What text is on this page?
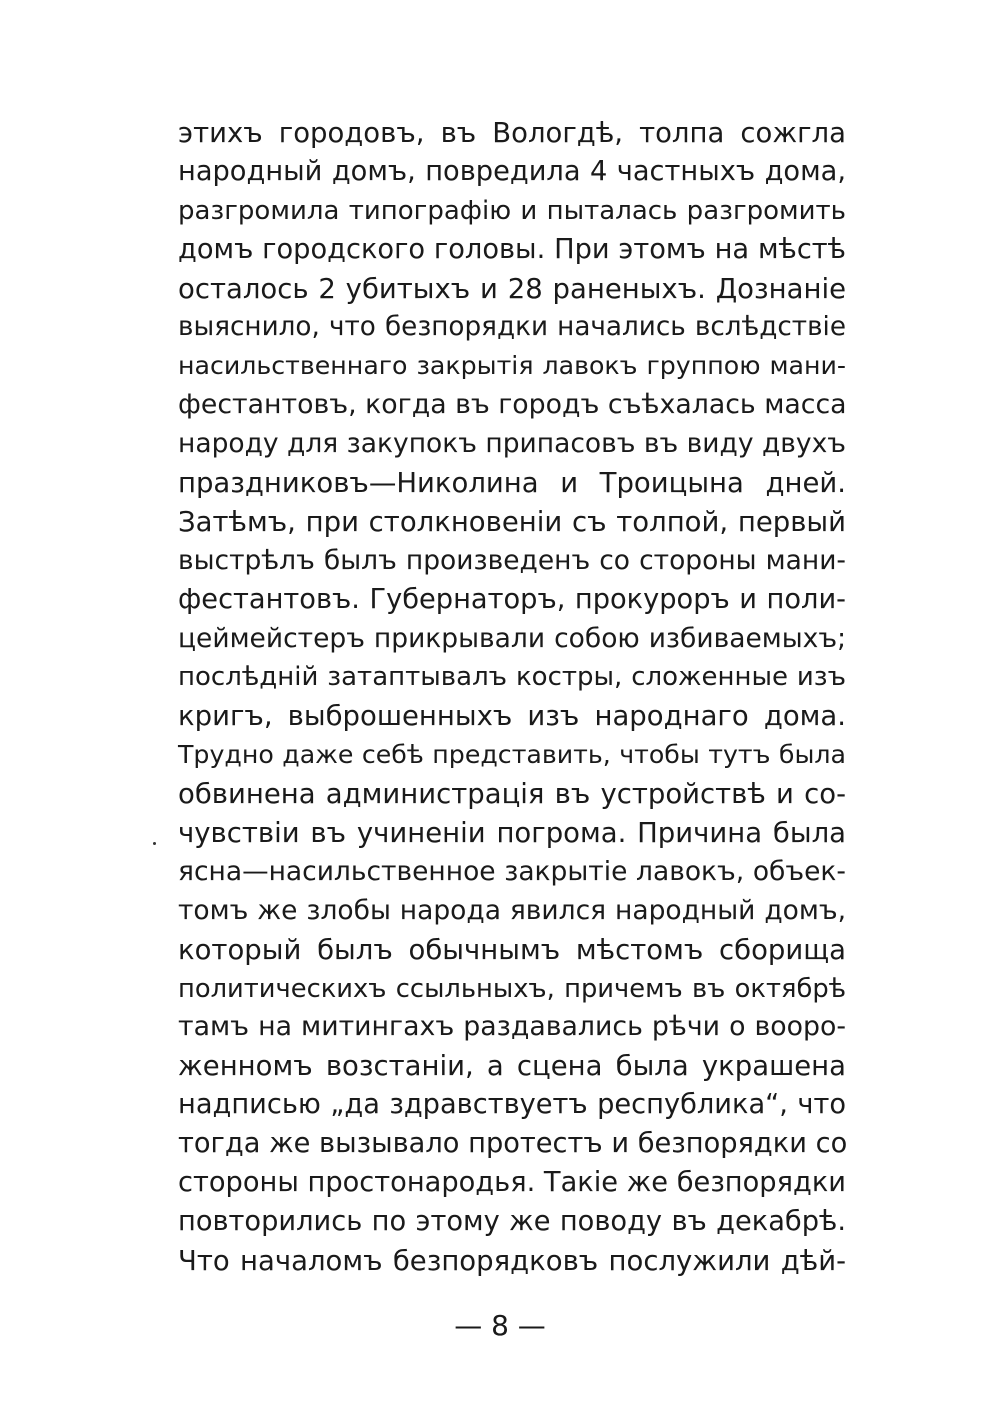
этихъ городовъ, въ Вологдѣ, толпа сожгла
народный домъ, повредила 4 частныхъ дома,
разгромила типографію и пыталась разгромить
домъ городского головы. При этомъ на мѣстѣ
осталось 2 убитыхъ и 28 раненыхъ. Дознаніе
выяснило, что безпорядки начались вслѣдствіе
насильственнаго закрытія лавокъ группою мани-
фестантовъ, когда въ городъ съѣхалась масса
народу для закупокъ припасовъ въ виду двухъ
праздниковъ—Николина и Троицына дней.
Затѣмъ, при столкновеніи съ толпой, первый
выстрѣлъ былъ произведенъ со стороны мани-
фестантовъ. Губернаторъ, прокуроръ и поли-
цеймейстеръ прикрывали собою избиваемыхъ;
послѣдній затаптывалъ костры, сложенные изъ
кригъ, выброшенныхъ изъ народнаго дома.
Трудно даже себѣ представить, чтобы тутъ была
обвинена администрація въ устройствѣ и со-
чувствіи въ учиненіи погрома. Причина была
ясна—насильственное закрытіе лавокъ, объек-
томъ же злобы народа явился народный домъ,
который былъ обычнымъ мѣстомъ сборища
политическихъ ссыльныхъ, причемъ въ октябрѣ
тамъ на митингахъ раздавались рѣчи о вооро-
женномъ возстаніи, а сцена была украшена
надписью „да здравствуетъ республика“, что
тогда же вызывало протестъ и безпорядки со
стороны простонародья. Такіе же безпорядки
повторились по этому же поводу въ декабрѣ.
Что началомъ безпорядковъ послужили дѣй-
— 8 —
